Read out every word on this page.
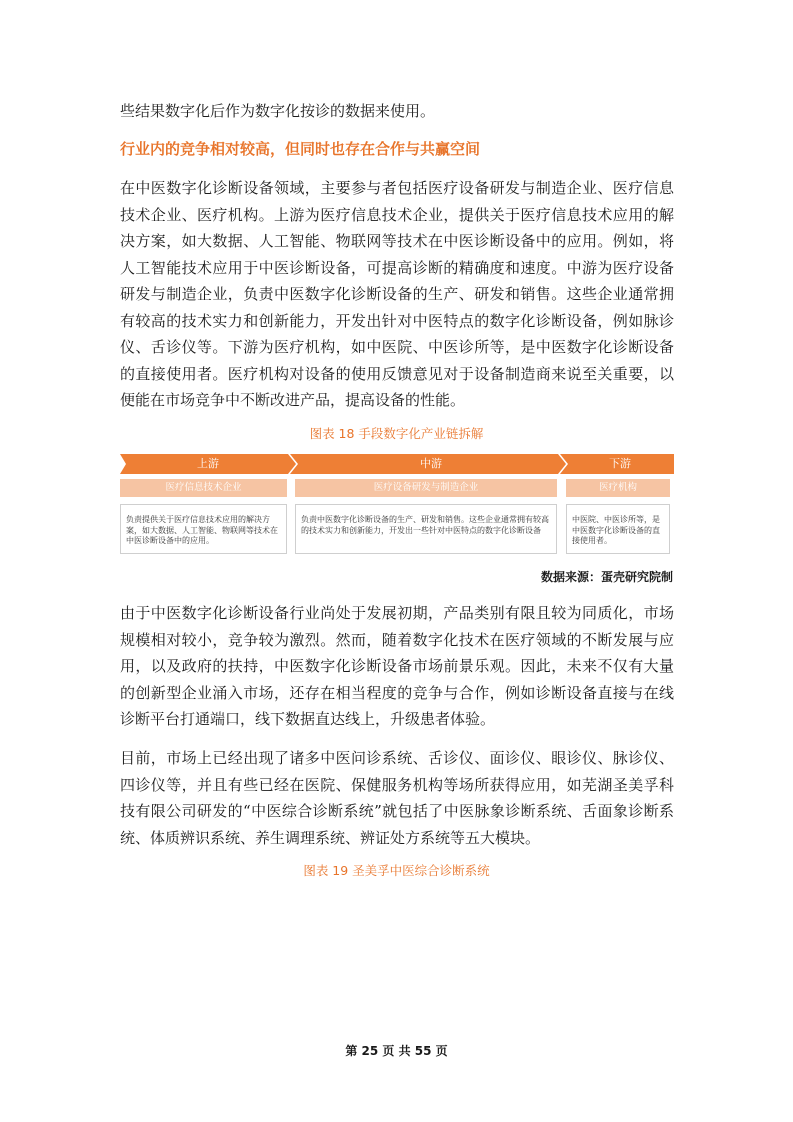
些结果数字化后作为数字化按诊的数据来使用。

行业内的竞争相对较高，但同时也存在合作与共赢空间

在中医数字化诊断设备领域，主要参与者包括医疗设备研发与制造企业、医疗信息技术企业、医疗机构。上游为医疗信息技术企业，提供关于医疗信息技术应用的解决方案，如大数据、人工智能、物联网等技术在中医诊断设备中的应用。例如，将人工智能技术应用于中医诊断设备，可提高诊断的精确度和速度。中游为医疗设备研发与制造企业，负责中医数字化诊断设备的生产、研发和销售。这些企业通常拥有较高的技术实力和创新能力，开发出针对中医特点的数字化诊断设备，例如脉诊仪、舌诊仪等。下游为医疗机构，如中医院、中医诊所等，是中医数字化诊断设备的直接使用者。医疗机构对设备的使用反馈意见对于设备制造商来说至关重要，以便能在市场竞争中不断改进产品，提高设备的性能。

图表 18 手段数字化产业链拆解

上游	中游	下游
医疗信息技术企业	医疗设备研发与制造企业	医疗机构
负责提供关于医疗信息技术应用的解决方案，如大数据、人工智能、物联网等技术在中医诊断设备中的应用。
负责中医数字化诊断设备的生产、研发和销售。这些企业通常拥有较高的技术实力和创新能力，开发出一些针对中医特点的数字化诊断设备
中医院、中医诊所等，是中医数字化诊断设备的直接使用者。
数据来源：蛋壳研究院制

由于中医数字化诊断设备行业尚处于发展初期，产品类别有限且较为同质化，市场规模相对较小，竞争较为激烈。然而，随着数字化技术在医疗领域的不断发展与应用，以及政府的扶持，中医数字化诊断设备市场前景乐观。因此，未来不仅有大量的创新型企业涌入市场，还存在相当程度的竞争与合作，例如诊断设备直接与在线诊断平台打通端口，线下数据直达线上，升级患者体验。

目前，市场上已经出现了诸多中医问诊系统、舌诊仪、面诊仪、眼诊仪、脉诊仪、四诊仪等，并且有些已经在医院、保健服务机构等场所获得应用，如芜湖圣美孚科技有限公司研发的“中医综合诊断系统”就包括了中医脉象诊断系统、舌面象诊断系统、体质辨识系统、养生调理系统、辨证处方系统等五大模块。

图表 19 圣美孚中医综合诊断系统

第 25 页 共 55 页
